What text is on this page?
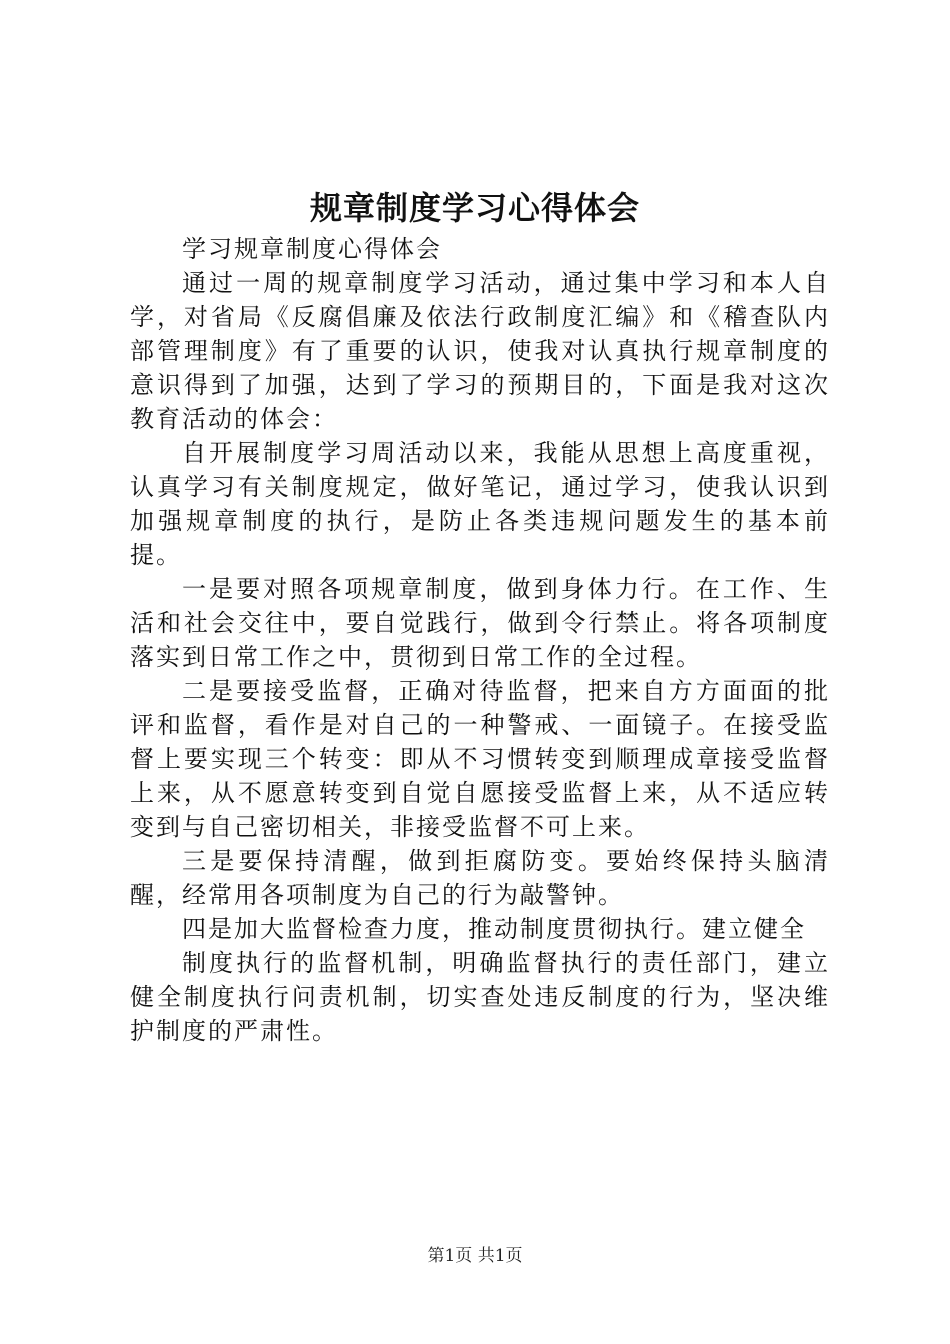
规章制度学习心得体会

学习规章制度心得体会

通过一周的规章制度学习活动，通过集中学习和本人自学，对省局《反腐倡廉及依法行政制度汇编》和《稽查队内部管理制度》有了重要的认识，使我对认真执行规章制度的意识得到了加强，达到了学习的预期目的，下面是我对这次教育活动的体会：

自开展制度学习周活动以来，我能从思想上高度重视，认真学习有关制度规定，做好笔记，通过学习，使我认识到加强规章制度的执行，是防止各类违规问题发生的基本前提。

一是要对照各项规章制度，做到身体力行。在工作、生活和社会交往中，要自觉践行，做到令行禁止。将各项制度落实到日常工作之中，贯彻到日常工作的全过程。

二是要接受监督，正确对待监督，把来自方方面面的批评和监督，看作是对自己的一种警戒、一面镜子。在接受监督上要实现三个转变：即从不习惯转变到顺理成章接受监督上来，从不愿意转变到自觉自愿接受监督上来，从不适应转变到与自己密切相关，非接受监督不可上来。

三是要保持清醒，做到拒腐防变。要始终保持头脑清醒，经常用各项制度为自己的行为敲警钟。

四是加大监督检查力度，推动制度贯彻执行。建立健全

制度执行的监督机制，明确监督执行的责任部门，建立健全制度执行问责机制，切实查处违反制度的行为，坚决维护制度的严肃性。

第1页 共1页
